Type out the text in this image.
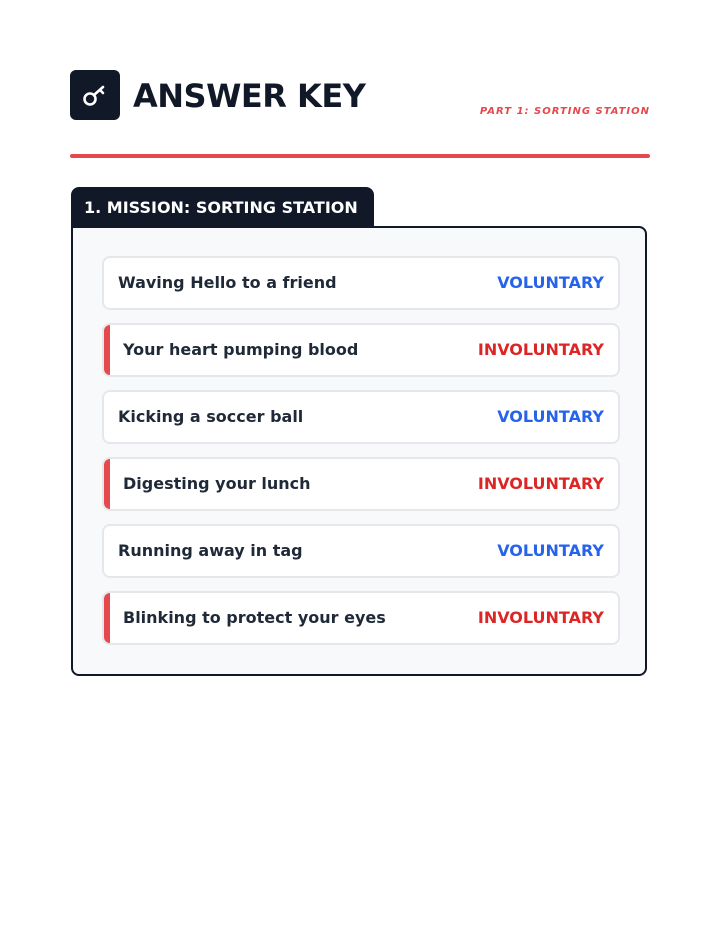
ANSWER KEY	PART 1: SORTING STATION
1. MISSION: SORTING STATION
Waving Hello to a friend	VOLUNTARY
Your heart pumping blood	INVOLUNTARY
Kicking a soccer ball	VOLUNTARY
Digesting your lunch	INVOLUNTARY
Running away in tag	VOLUNTARY
Blinking to protect your eyes	INVOLUNTARY
